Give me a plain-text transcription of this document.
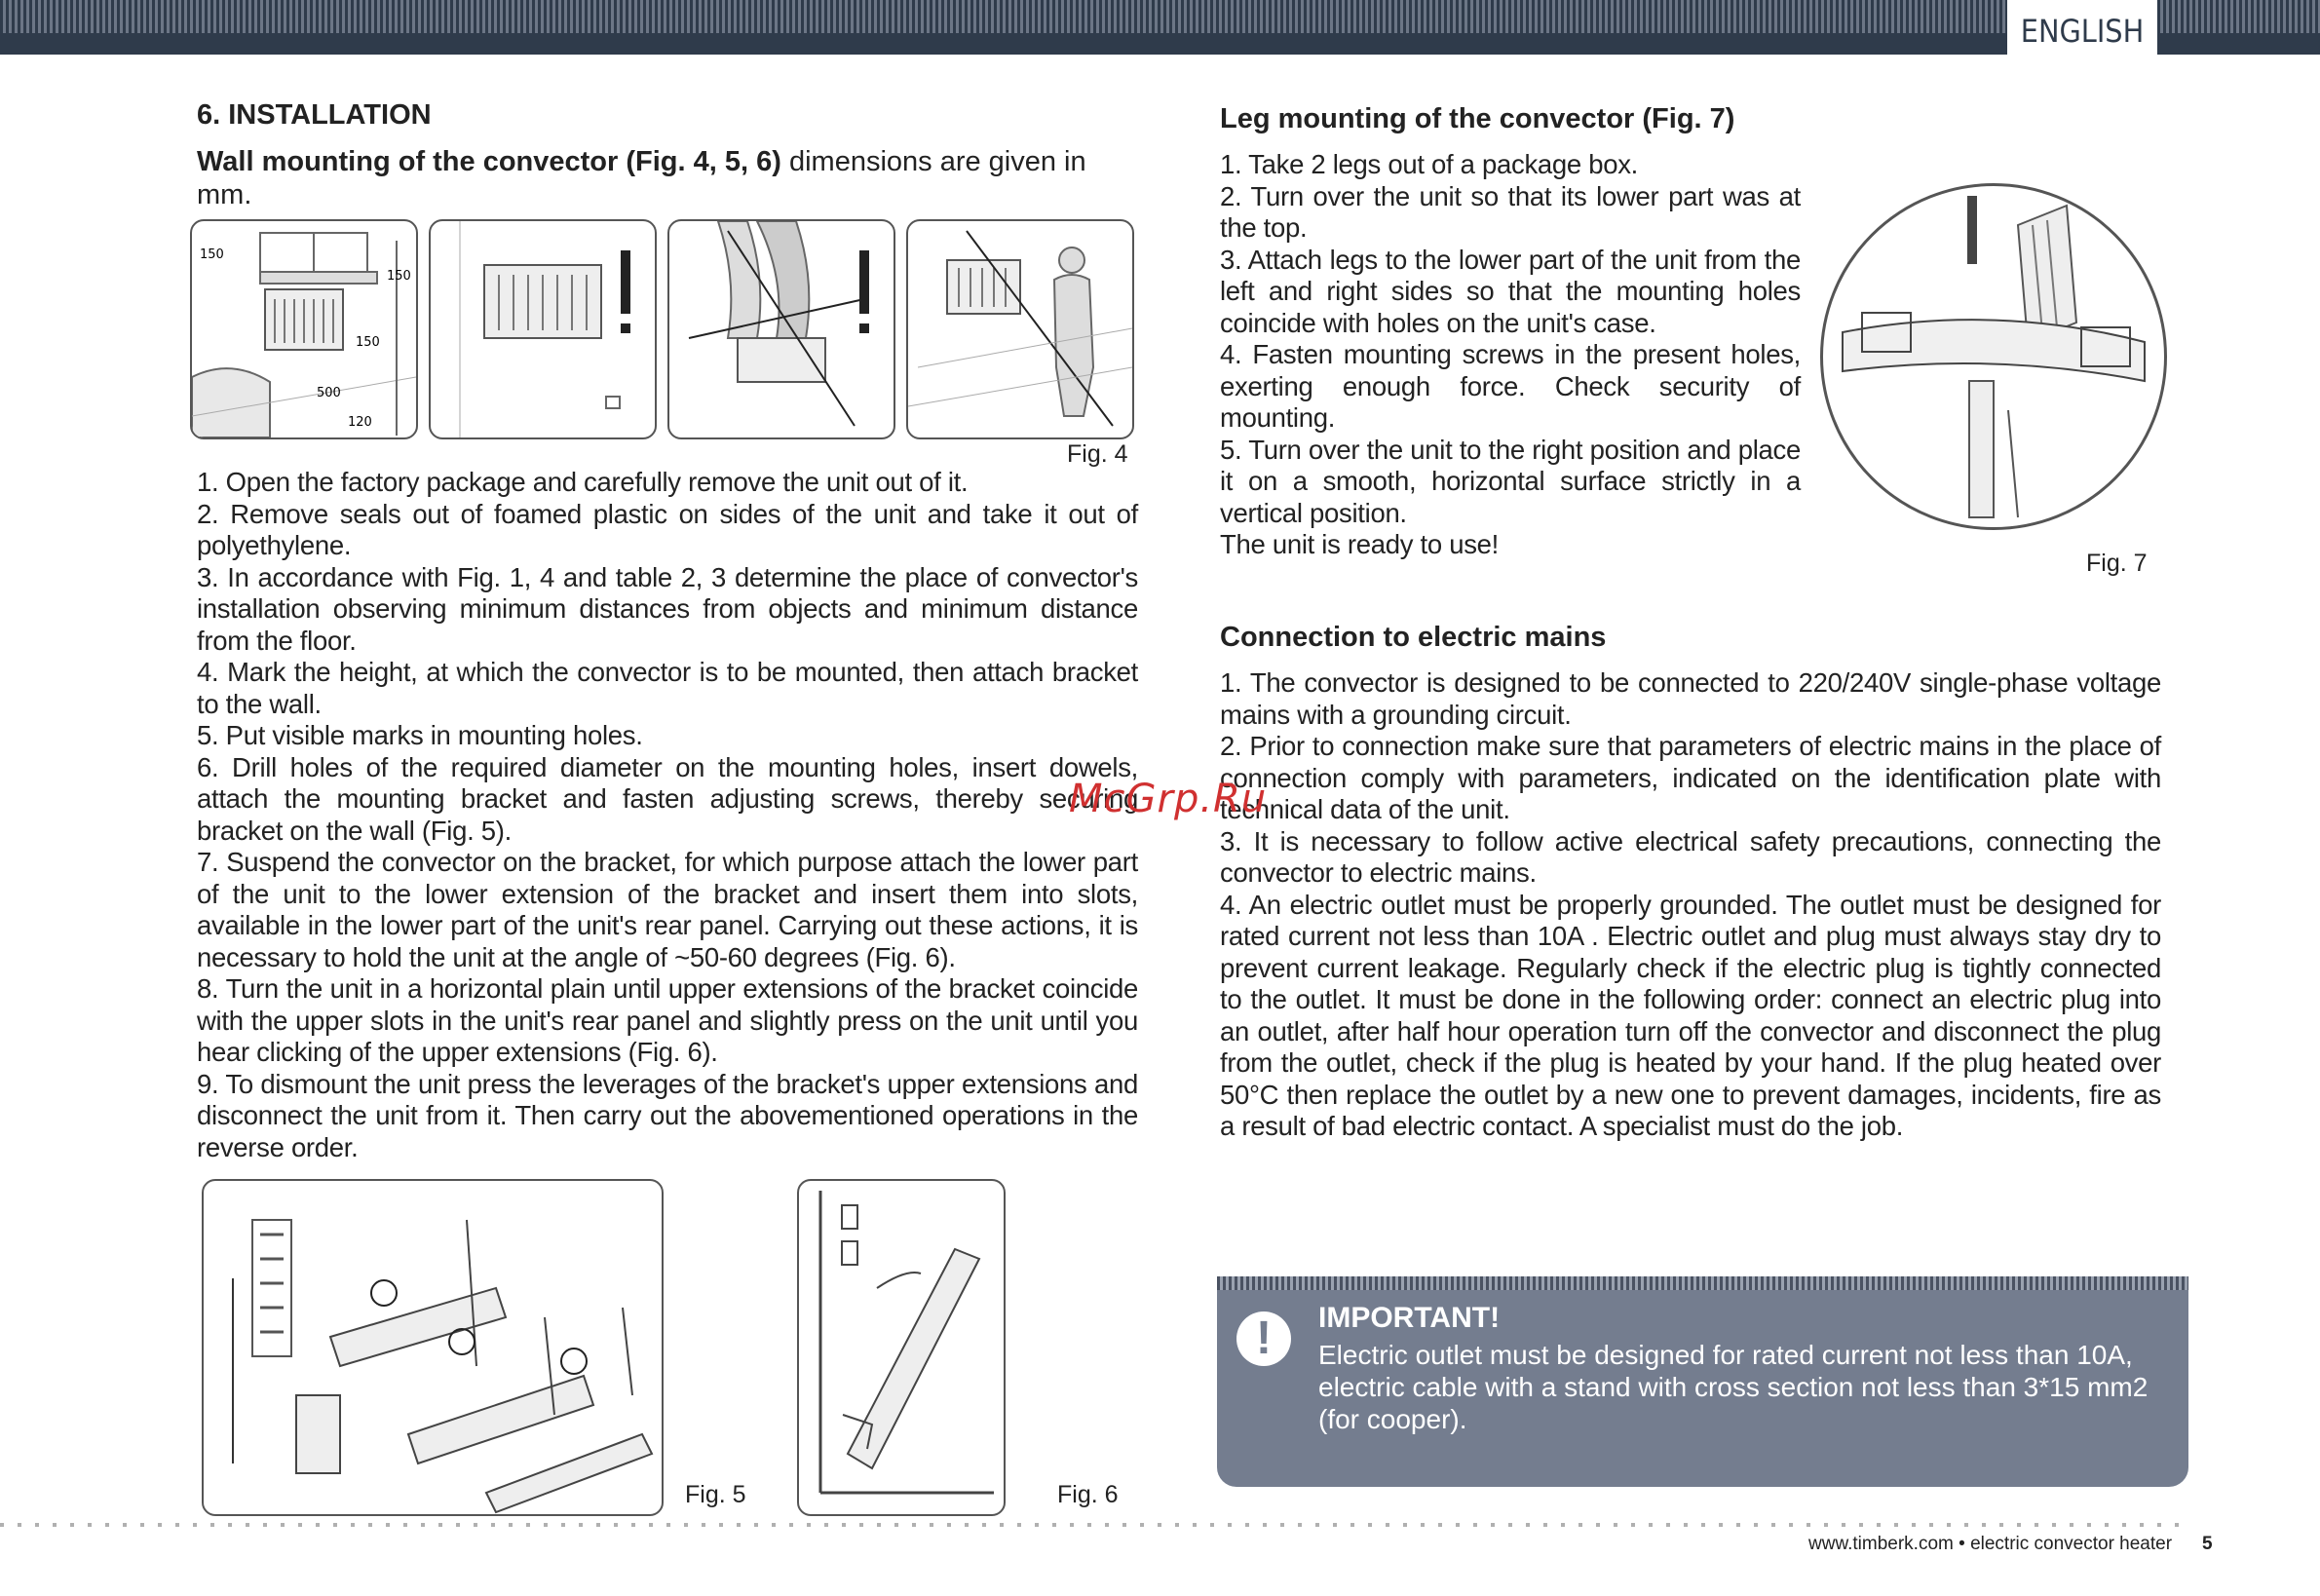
ENGLISH

6. INSTALLATION

Wall mounting of the convector (Fig. 4, 5, 6) dimensions are given in mm.

150
150
150
500
120
Fig. 4

1. Open the factory package and carefully remove the unit out of it.

2. Remove seals out of foamed plastic on sides of the unit and take it out of polyethylene.

3. In accordance with Fig. 1, 4 and table 2, 3 determine the place of convector's installation observing minimum distances from objects and minimum distance from the floor.

4. Mark the height, at which the convector is to be mounted, then attach bracket to the wall.

5. Put visible marks in mounting holes.

6. Drill holes of the required diameter on the mounting holes, insert dowels, attach the mounting bracket and fasten adjusting screws, thereby securing bracket on the wall (Fig. 5).

7. Suspend the convector on the bracket, for which purpose attach the lower part of the unit to the lower extension of the bracket and insert them into slots, available in the lower part of the unit's rear panel. Carrying out these actions, it is necessary to hold the unit at the angle of ~50-60 degrees (Fig. 6).

8. Turn the unit in a horizontal plain until upper extensions of the bracket coincide with the upper slots in the unit's rear panel and slightly press on the unit until you hear clicking of the upper extensions (Fig. 6).

9. To dismount the unit press the leverages of the bracket's upper extensions and disconnect the unit from it. Then carry out the abovementioned operations in the reverse order.

Fig. 5	Fig. 6

Leg mounting of the convector (Fig. 7)

1. Take 2 legs out of a package box.

2. Turn over the unit so that its lower part was at the top.

3. Attach legs to the lower part of the unit from the left and right sides so that the mounting holes coincide with holes on the unit's case.

4. Fasten mounting screws in the present holes, exerting enough force. Check security of mounting.

5. Turn over the unit to the right position and place it on a smooth, horizontal surface strictly in a vertical position.

The unit is ready to use!

Fig. 7

Connection to electric mains

1. The convector is designed to be connected to 220/240V single-phase voltage mains with a grounding circuit.

2. Prior to connection make sure that parameters of electric mains in the place of connection comply with parameters, indicated on the identification plate with technical data of the unit.

3. It is necessary to follow active electrical safety precautions, connecting the convector to electric mains.

4. An electric outlet must be properly grounded. The outlet must be designed for rated current not less than 10A . Electric outlet and plug must always stay dry to prevent current leakage. Regularly check if the electric plug is tightly connected to the outlet. It must be done in the following order: connect an electric plug into an outlet, after half hour operation turn off the convector and disconnect the plug from the outlet, check if the plug is heated by your hand. If the plug heated over 50°C then replace the outlet by a new one to prevent damages, incidents, fire as a result of bad electric contact. A specialist must do the job.

!	IMPORTANT!
Electric outlet must be designed for rated current not less than 10A, electric cable with a stand with cross section not less than 3*15 mm2 (for cooper).
McGrp.Ru
www.timberk.com • electric convector heater 5
